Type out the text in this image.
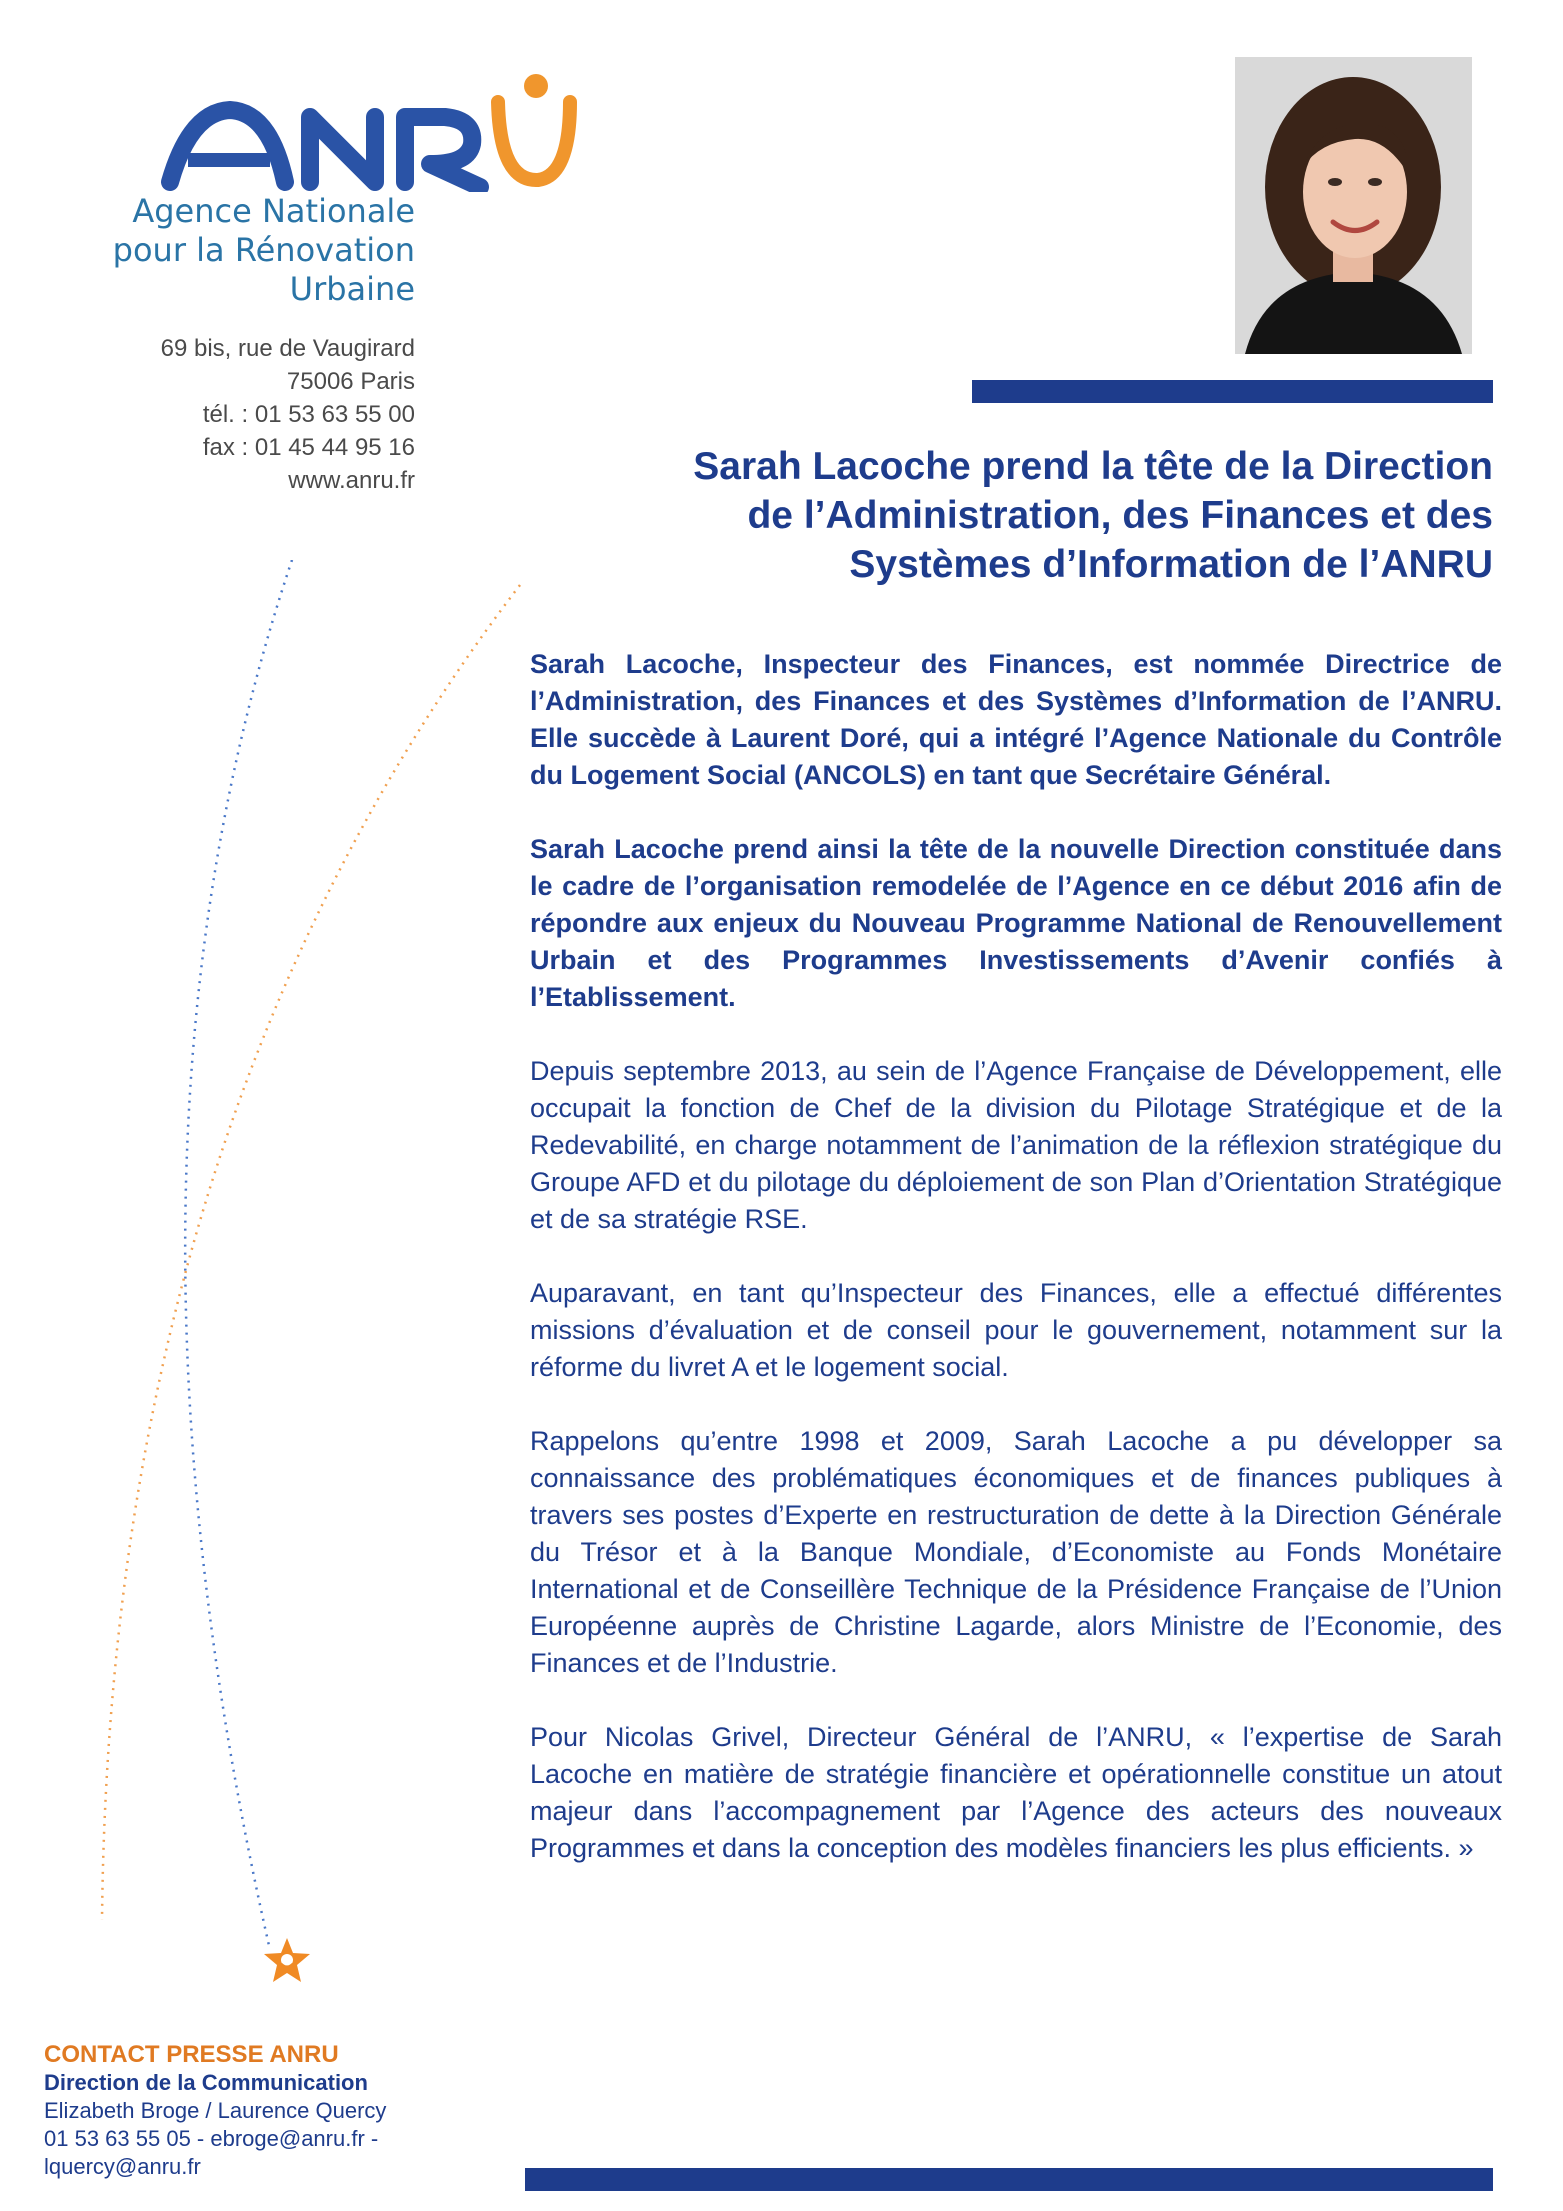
Agence Nationale
pour la Rénovation
Urbaine
69 bis, rue de Vaugirard
75006 Paris
tél. : 01 53 63 55 00
fax : 01 45 44 95 16
www.anru.fr	Sarah Lacoche prend la tête de la Direction
de l’Administration, des Finances et des
Systèmes d’Information de l’ANRU

Sarah Lacoche, Inspecteur des Finances, est nommée Directrice de l’Administration, des Finances et des Systèmes d’Information de l’ANRU. Elle succède à Laurent Doré, qui a intégré l’Agence Nationale du Contrôle du Logement Social (ANCOLS) en tant que Secrétaire Général.

Sarah Lacoche prend ainsi la tête de la nouvelle Direction constituée dans le cadre de l’organisation remodelée de l’Agence en ce début 2016 afin de répondre aux enjeux du Nouveau Programme National de Renouvellement Urbain et des Programmes Investissements d’Avenir confiés à l’Etablissement.

Depuis septembre 2013, au sein de l’Agence Française de Développement, elle occupait la fonction de Chef de la division du Pilotage Stratégique et de la Redevabilité, en charge notamment de l’animation de la réflexion stratégique du Groupe AFD et du pilotage du déploiement de son Plan d’Orientation Stratégique et de sa stratégie RSE.

Auparavant, en tant qu’Inspecteur des Finances, elle a effectué différentes missions d’évaluation et de conseil pour le gouvernement, notamment sur la réforme du livret A et le logement social.

Rappelons qu’entre 1998 et 2009, Sarah Lacoche a pu développer sa connaissance des problématiques économiques et de finances publiques à travers ses postes d’Experte en restructuration de dette à la Direction Générale du Trésor et à la Banque Mondiale, d’Economiste au Fonds Monétaire International et de Conseillère Technique de la Présidence Française de l’Union Européenne auprès de Christine Lagarde, alors Ministre de l’Economie, des Finances et de l’Industrie.

Pour Nicolas Grivel, Directeur Général de l’ANRU, « l’expertise de Sarah Lacoche en matière de stratégie financière et opérationnelle constitue un atout majeur dans l’accompagnement par l’Agence des acteurs des nouveaux Programmes et dans la conception des modèles financiers les plus efficients. »

CONTACT PRESSE ANRU
Direction de la Communication
Elizabeth Broge / Laurence Quercy
01 53 63 55 05 - ebroge@anru.fr -
lquercy@anru.fr
